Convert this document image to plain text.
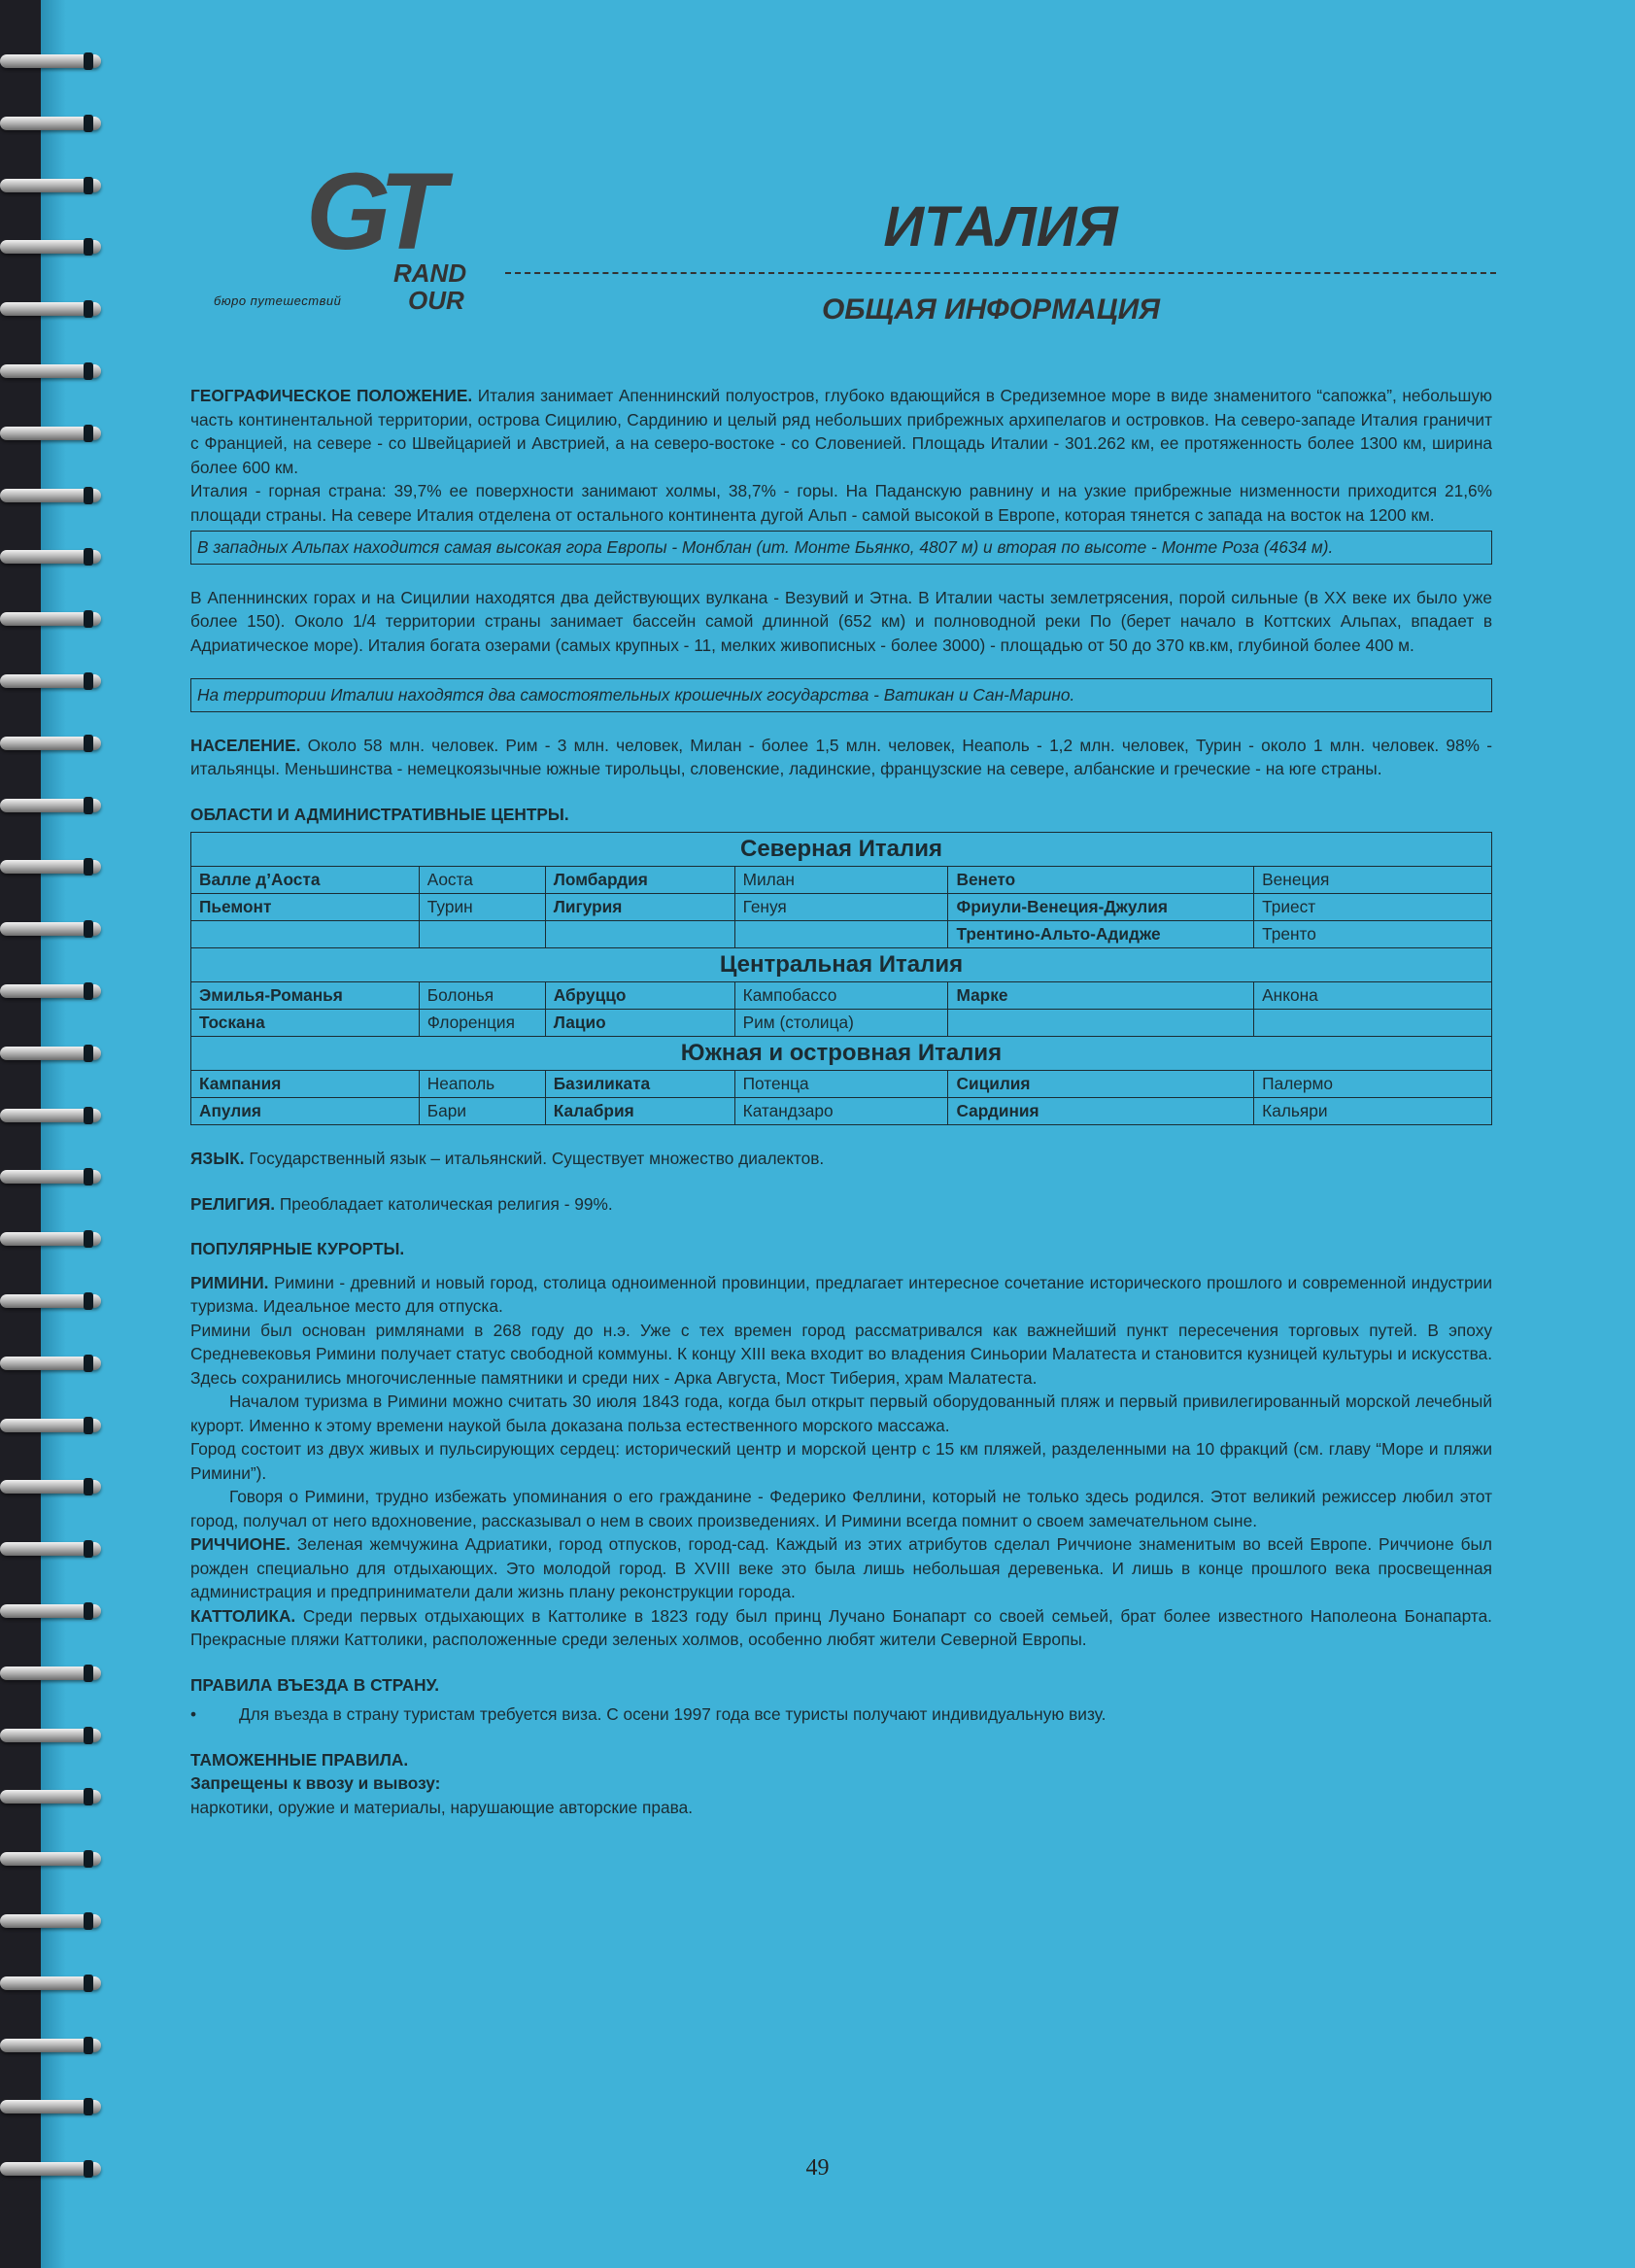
GT
RAND
OUR
бюро путешествий
ИТАЛИЯ
ОБЩАЯ ИНФОРМАЦИЯ

ГЕОГРАФИЧЕСКОЕ ПОЛОЖЕНИЕ. Италия занимает Апеннинский полуостров, глубоко вдающийся в Средиземное море в виде знаменитого “сапожка”, небольшую часть континентальной территории, острова Сицилию, Сардинию и целый ряд небольших прибрежных архипелагов и островков. На северо-западе Италия граничит с Францией, на севере - со Швейцарией и Австрией, а на северо-востоке - со Словенией. Площадь Италии - 301.262 км, ее протяженность более 1300 км, ширина более 600 км.

Италия - горная страна: 39,7% ее поверхности занимают холмы, 38,7% - горы. На Паданскую равнину и на узкие прибрежные низменности приходится 21,6% площади страны. На севере Италия отделена от остального континента дугой Альп - самой высокой в Европе, которая тянется с запада на восток на 1200 км.

В западных Альпах находится самая высокая гора Европы - Монблан (ит. Монте Бьянко, 4807 м) и вторая по высоте - Монте Роза (4634 м).

В Апеннинских горах и на Сицилии находятся два действующих вулкана - Везувий и Этна. В Италии часты землетрясения, порой сильные (в XX веке их было уже более 150). Около 1/4 территории страны занимает бассейн самой длинной (652 км) и полноводной реки По (берет начало в Коттских Альпах, впадает в Адриатическое море). Италия богата озерами (самых крупных - 11, мелких живописных - более 3000) - площадью от 50 до 370 кв.км, глубиной более 400 м.

На территории Италии находятся два самостоятельных крошечных государства - Ватикан и Сан-Марино.

НАСЕЛЕНИЕ. Около 58 млн. человек. Рим - 3 млн. человек, Милан - более 1,5 млн. человек, Неаполь - 1,2 млн. человек, Турин - около 1 млн. человек. 98% - итальянцы. Меньшинства - немецкоязычные южные тирольцы, словенские, ладинские, французские на севере, албанские и греческие - на юге страны.

ОБЛАСТИ И АДМИНИСТРАТИВНЫЕ ЦЕНТРЫ.

Северная Италия					
Валле д’Аоста	Аоста	Ломбардия	Милан	Венето	Венеция
Пьемонт	Турин	Лигурия	Генуя	Фриули-Венеция-Джулия	Триест
				Трентино-Альто-Адидже	Тренто
Центральная Италия					
Эмилья-Романья	Болонья	Абруццо	Кампобассо	Марке	Анкона
Тоскана	Флоренция	Лацио	Рим (столица)		
Южная и островная Италия					
Кампания	Неаполь	Базиликата	Потенца	Сицилия	Палермо
Апулия	Бари	Калабрия	Катандзаро	Сардиния	Кальяри

ЯЗЫК. Государственный язык – итальянский. Существует множество диалектов.

РЕЛИГИЯ. Преобладает католическая религия - 99%.

ПОПУЛЯРНЫЕ КУРОРТЫ.

РИМИНИ. Римини - древний и новый город, столица одноименной провинции, предлагает интересное сочетание исторического прошлого и современной индустрии туризма. Идеальное место для отпуска.

Римини был основан римлянами в 268 году до н.э. Уже с тех времен город рассматривался как важнейший пункт пересечения торговых путей. В эпоху Средневековья Римини получает статус свободной коммуны. К концу XIII века входит во владения Синьории Малатеста и становится кузницей культуры и искусства. Здесь сохранились многочисленные памятники и среди них - Арка Августа, Мост Тиберия, храм Малатеста.

Началом туризма в Римини можно считать 30 июля 1843 года, когда был открыт первый оборудованный пляж и первый привилегированный морской лечебный курорт. Именно к этому времени наукой была доказана польза естественного морского массажа.

Город состоит из двух живых и пульсирующих сердец: исторический центр и морской центр с 15 км пляжей, разделенными на 10 фракций (см. главу “Море и пляжи Римини”).

Говоря о Римини, трудно избежать упоминания о его гражданине - Федерико Феллини, который не только здесь родился. Этот великий режиссер любил этот город, получал от него вдохновение, рассказывал о нем в своих произведениях. И Римини всегда помнит о своем замечательном сыне.

РИЧЧИОНЕ. Зеленая жемчужина Адриатики, город отпусков, город-сад. Каждый из этих атрибутов сделал Риччионе знаменитым во всей Европе. Риччионе был рожден специально для отдыхающих. Это молодой город. В XVIII веке это была лишь небольшая деревенька. И лишь в конце прошлого века просвещенная администрация и предприниматели дали жизнь плану реконструкции города.

КАТТОЛИКА. Среди первых отдыхающих в Каттолике в 1823 году был принц Лучано Бонапарт со своей семьей, брат более известного Наполеона Бонапарта. Прекрасные пляжи Каттолики, расположенные среди зеленых холмов, особенно любят жители Северной Европы.

ПРАВИЛА ВЪЕЗДА В СТРАНУ.

•	Для въезда в страну туристам требуется виза. С осени 1997 года все туристы получают индивидуальную визу.

ТАМОЖЕННЫЕ ПРАВИЛА.

Запрещены к ввозу и вывозу:

наркотики, оружие и материалы, нарушающие авторские права.

49
